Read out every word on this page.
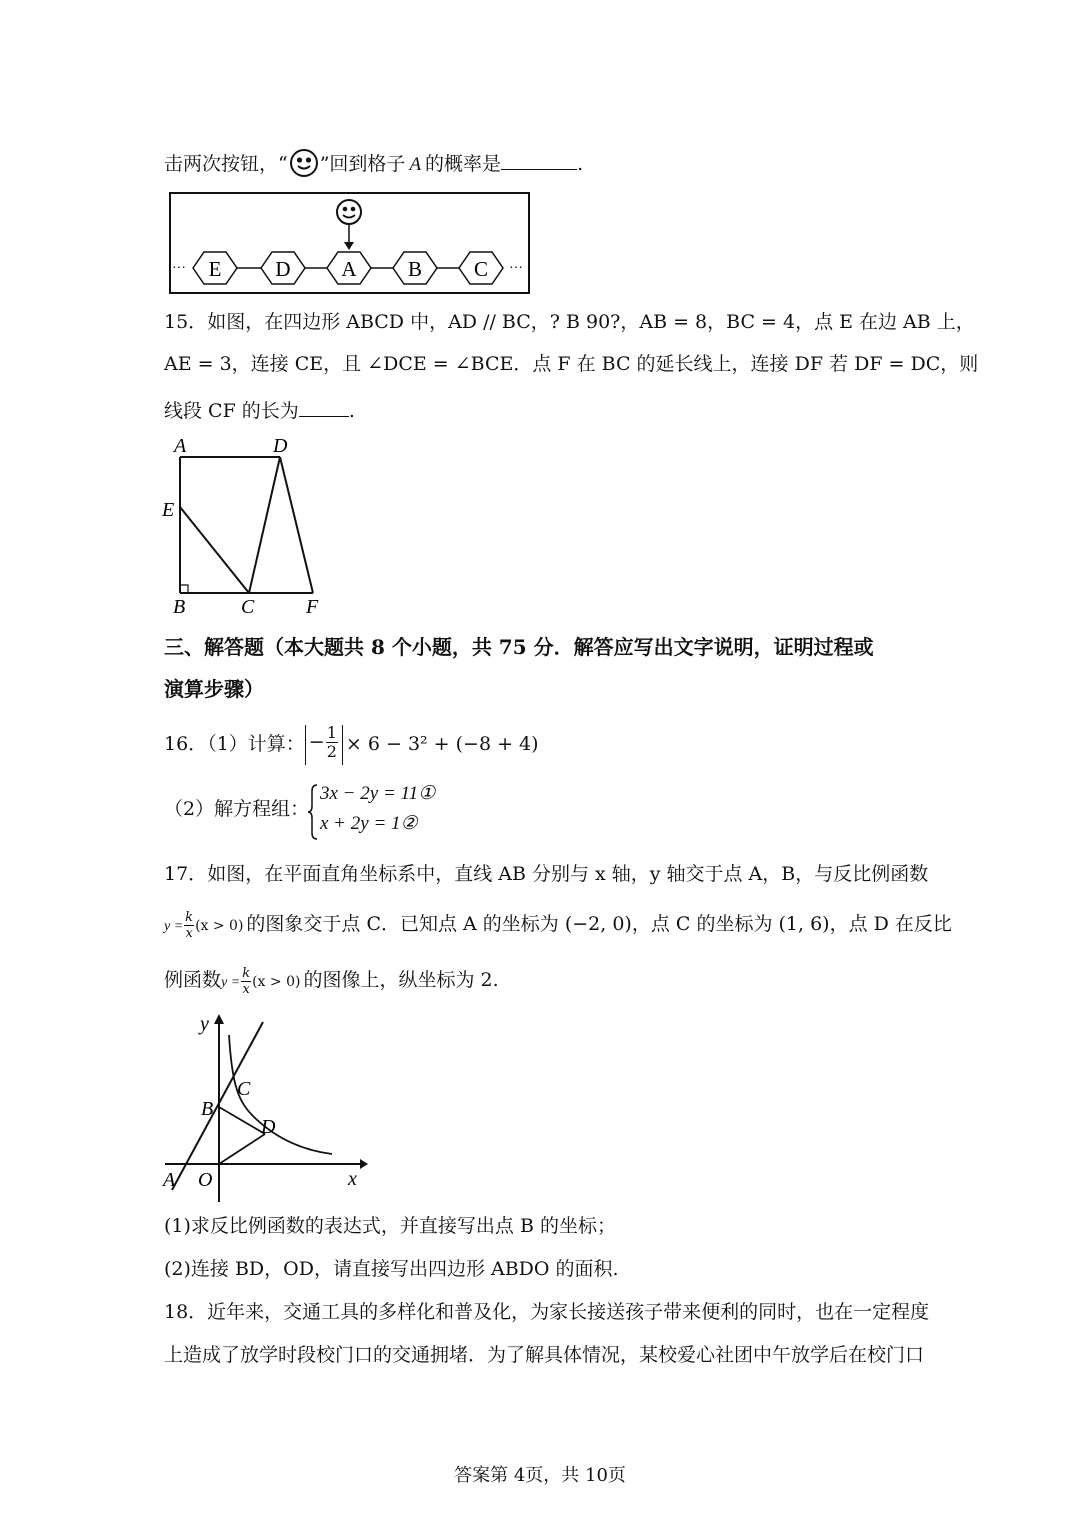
击两次按钮，“ ”回到格子 A 的概率是	.
···	···
E	D A B C
15．如图，在四边形 ABCD 中，AD // BC，? B 90?，AB = 8，BC = 4，点 E 在边 AB 上，
AE = 3，连接 CE，且 ∠DCE = ∠BCE．点 F 在 BC 的延长线上，连接 DF 若 DF = DC，则
线段 CF 的长为	.
A	D
E
B	C	F
三、解答题（本大题共 8 个小题，共 75 分．解答应写出文字说明，证明过程或
演算步骤）
16．（1）计算： − $\frac{1}{2} \times 6 - 3^2 + (-8 + 4)$
（2）解方程组：
3x − 2y = 11①
x + 2y = 1②
17．如图，在平面直角坐标系中，直线 AB 分别与 x 轴，y 轴交于点 A，B，与反比例函数
$y = \frac{k}{x} (x > 0)$ 的图象交于点 C．已知点 A 的坐标为 (−2, 0)，点 C 的坐标为 (1, 6)，点 D 在反比
例函数$y = \frac{k}{x} (x > 0)$ 的图像上，纵坐标为 2.
y
x
A O
B
C
D
(1)求反比例函数的表达式，并直接写出点 B 的坐标；
(2)连接 BD，OD，请直接写出四边形 ABDO 的面积.
18．近年来，交通工具的多样化和普及化，为家长接送孩子带来便利的同时，也在一定程度
上造成了放学时段校门口的交通拥堵．为了解具体情况，某校爱心社团中午放学后在校门口
答案第 4页，共 10页
